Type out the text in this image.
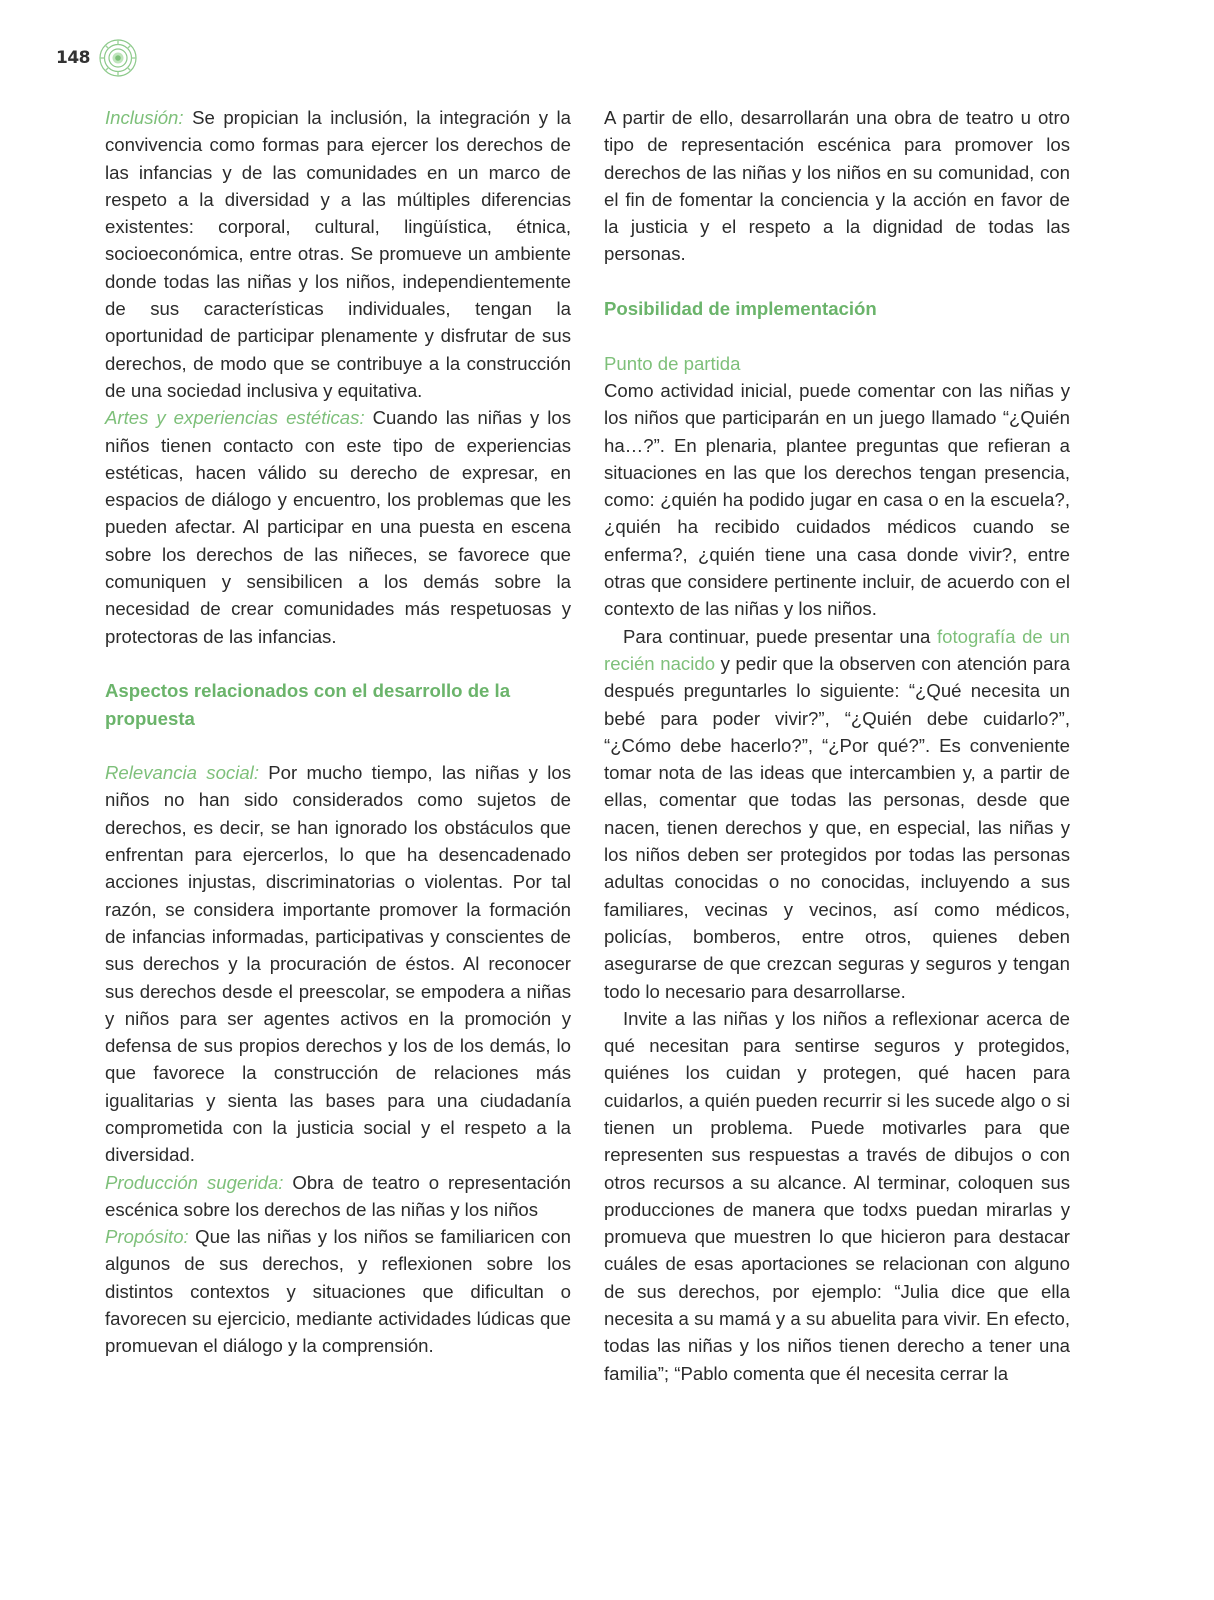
148

Inclusión: Se propician la inclusión, la integración y la convivencia como formas para ejercer los derechos de las infancias y de las comunidades en un marco de respeto a la diversidad y a las múltiples diferencias existentes: corporal, cultural, lingüística, étnica, socioeconómica, entre otras. Se promueve un ambiente donde todas las niñas y los niños, independientemente de sus características individuales, tengan la oportunidad de participar plenamente y disfrutar de sus derechos, de modo que se contribuye a la construcción de una sociedad inclusiva y equitativa.

Artes y experiencias estéticas: Cuando las niñas y los niños tienen contacto con este tipo de experiencias estéticas, hacen válido su derecho de expresar, en espacios de diálogo y encuentro, los problemas que les pueden afectar. Al participar en una puesta en escena sobre los derechos de las niñeces, se favorece que comuniquen y sensibilicen a los demás sobre la necesidad de crear comunidades más respetuosas y protectoras de las infancias.

Aspectos relacionados con el desarrollo de la propuesta

Relevancia social: Por mucho tiempo, las niñas y los niños no han sido considerados como sujetos de derechos, es decir, se han ignorado los obstáculos que enfrentan para ejercerlos, lo que ha desencadenado acciones injustas, discriminatorias o violentas. Por tal razón, se considera importante promover la formación de infancias informadas, participativas y conscientes de sus derechos y la procuración de éstos. Al reconocer sus derechos desde el preescolar, se empodera a niñas y niños para ser agentes activos en la promoción y defensa de sus propios derechos y los de los demás, lo que favorece la construcción de relaciones más igualitarias y sienta las bases para una ciudadanía comprometida con la justicia social y el respeto a la diversidad.

Producción sugerida: Obra de teatro o representación escénica sobre los derechos de las niñas y los niños

Propósito: Que las niñas y los niños se familiaricen con algunos de sus derechos, y reflexionen sobre los distintos contextos y situaciones que dificultan o favorecen su ejercicio, mediante actividades lúdicas que promuevan el diálogo y la comprensión.

A partir de ello, desarrollarán una obra de teatro u otro tipo de representación escénica para promover los derechos de las niñas y los niños en su comunidad, con el fin de fomentar la conciencia y la acción en favor de la justicia y el respeto a la dignidad de todas las personas.

Posibilidad de implementación

Punto de partida

Como actividad inicial, puede comentar con las niñas y los niños que participarán en un juego llamado “¿Quién ha…?”. En plenaria, plantee preguntas que refieran a situaciones en las que los derechos tengan presencia, como: ¿quién ha podido jugar en casa o en la escuela?, ¿quién ha recibido cuidados médicos cuando se enferma?, ¿quién tiene una casa donde vivir?, entre otras que considere pertinente incluir, de acuerdo con el contexto de las niñas y los niños.

Para continuar, puede presentar una fotografía de un recién nacido y pedir que la observen con atención para después preguntarles lo siguiente: “¿Qué necesita un bebé para poder vivir?”, “¿Quién debe cuidarlo?”, “¿Cómo debe hacerlo?”, “¿Por qué?”. Es conveniente tomar nota de las ideas que intercambien y, a partir de ellas, comentar que todas las personas, desde que nacen, tienen derechos y que, en especial, las niñas y los niños deben ser protegidos por todas las personas adultas conocidas o no conocidas, incluyendo a sus familiares, vecinas y vecinos, así como médicos, policías, bomberos, entre otros, quienes deben asegurarse de que crezcan seguras y seguros y tengan todo lo necesario para desarrollarse.

Invite a las niñas y los niños a reflexionar acerca de qué necesitan para sentirse seguros y protegidos, quiénes los cuidan y protegen, qué hacen para cuidarlos, a quién pueden recurrir si les sucede algo o si tienen un problema. Puede motivarles para que representen sus respuestas a través de dibujos o con otros recursos a su alcance. Al terminar, coloquen sus producciones de manera que todxs puedan mirarlas y promueva que muestren lo que hicieron para destacar cuáles de esas aportaciones se relacionan con alguno de sus derechos, por ejemplo: “Julia dice que ella necesita a su mamá y a su abuelita para vivir. En efecto, todas las niñas y los niños tienen derecho a tener una familia”; “Pablo comenta que él necesita cerrar la
